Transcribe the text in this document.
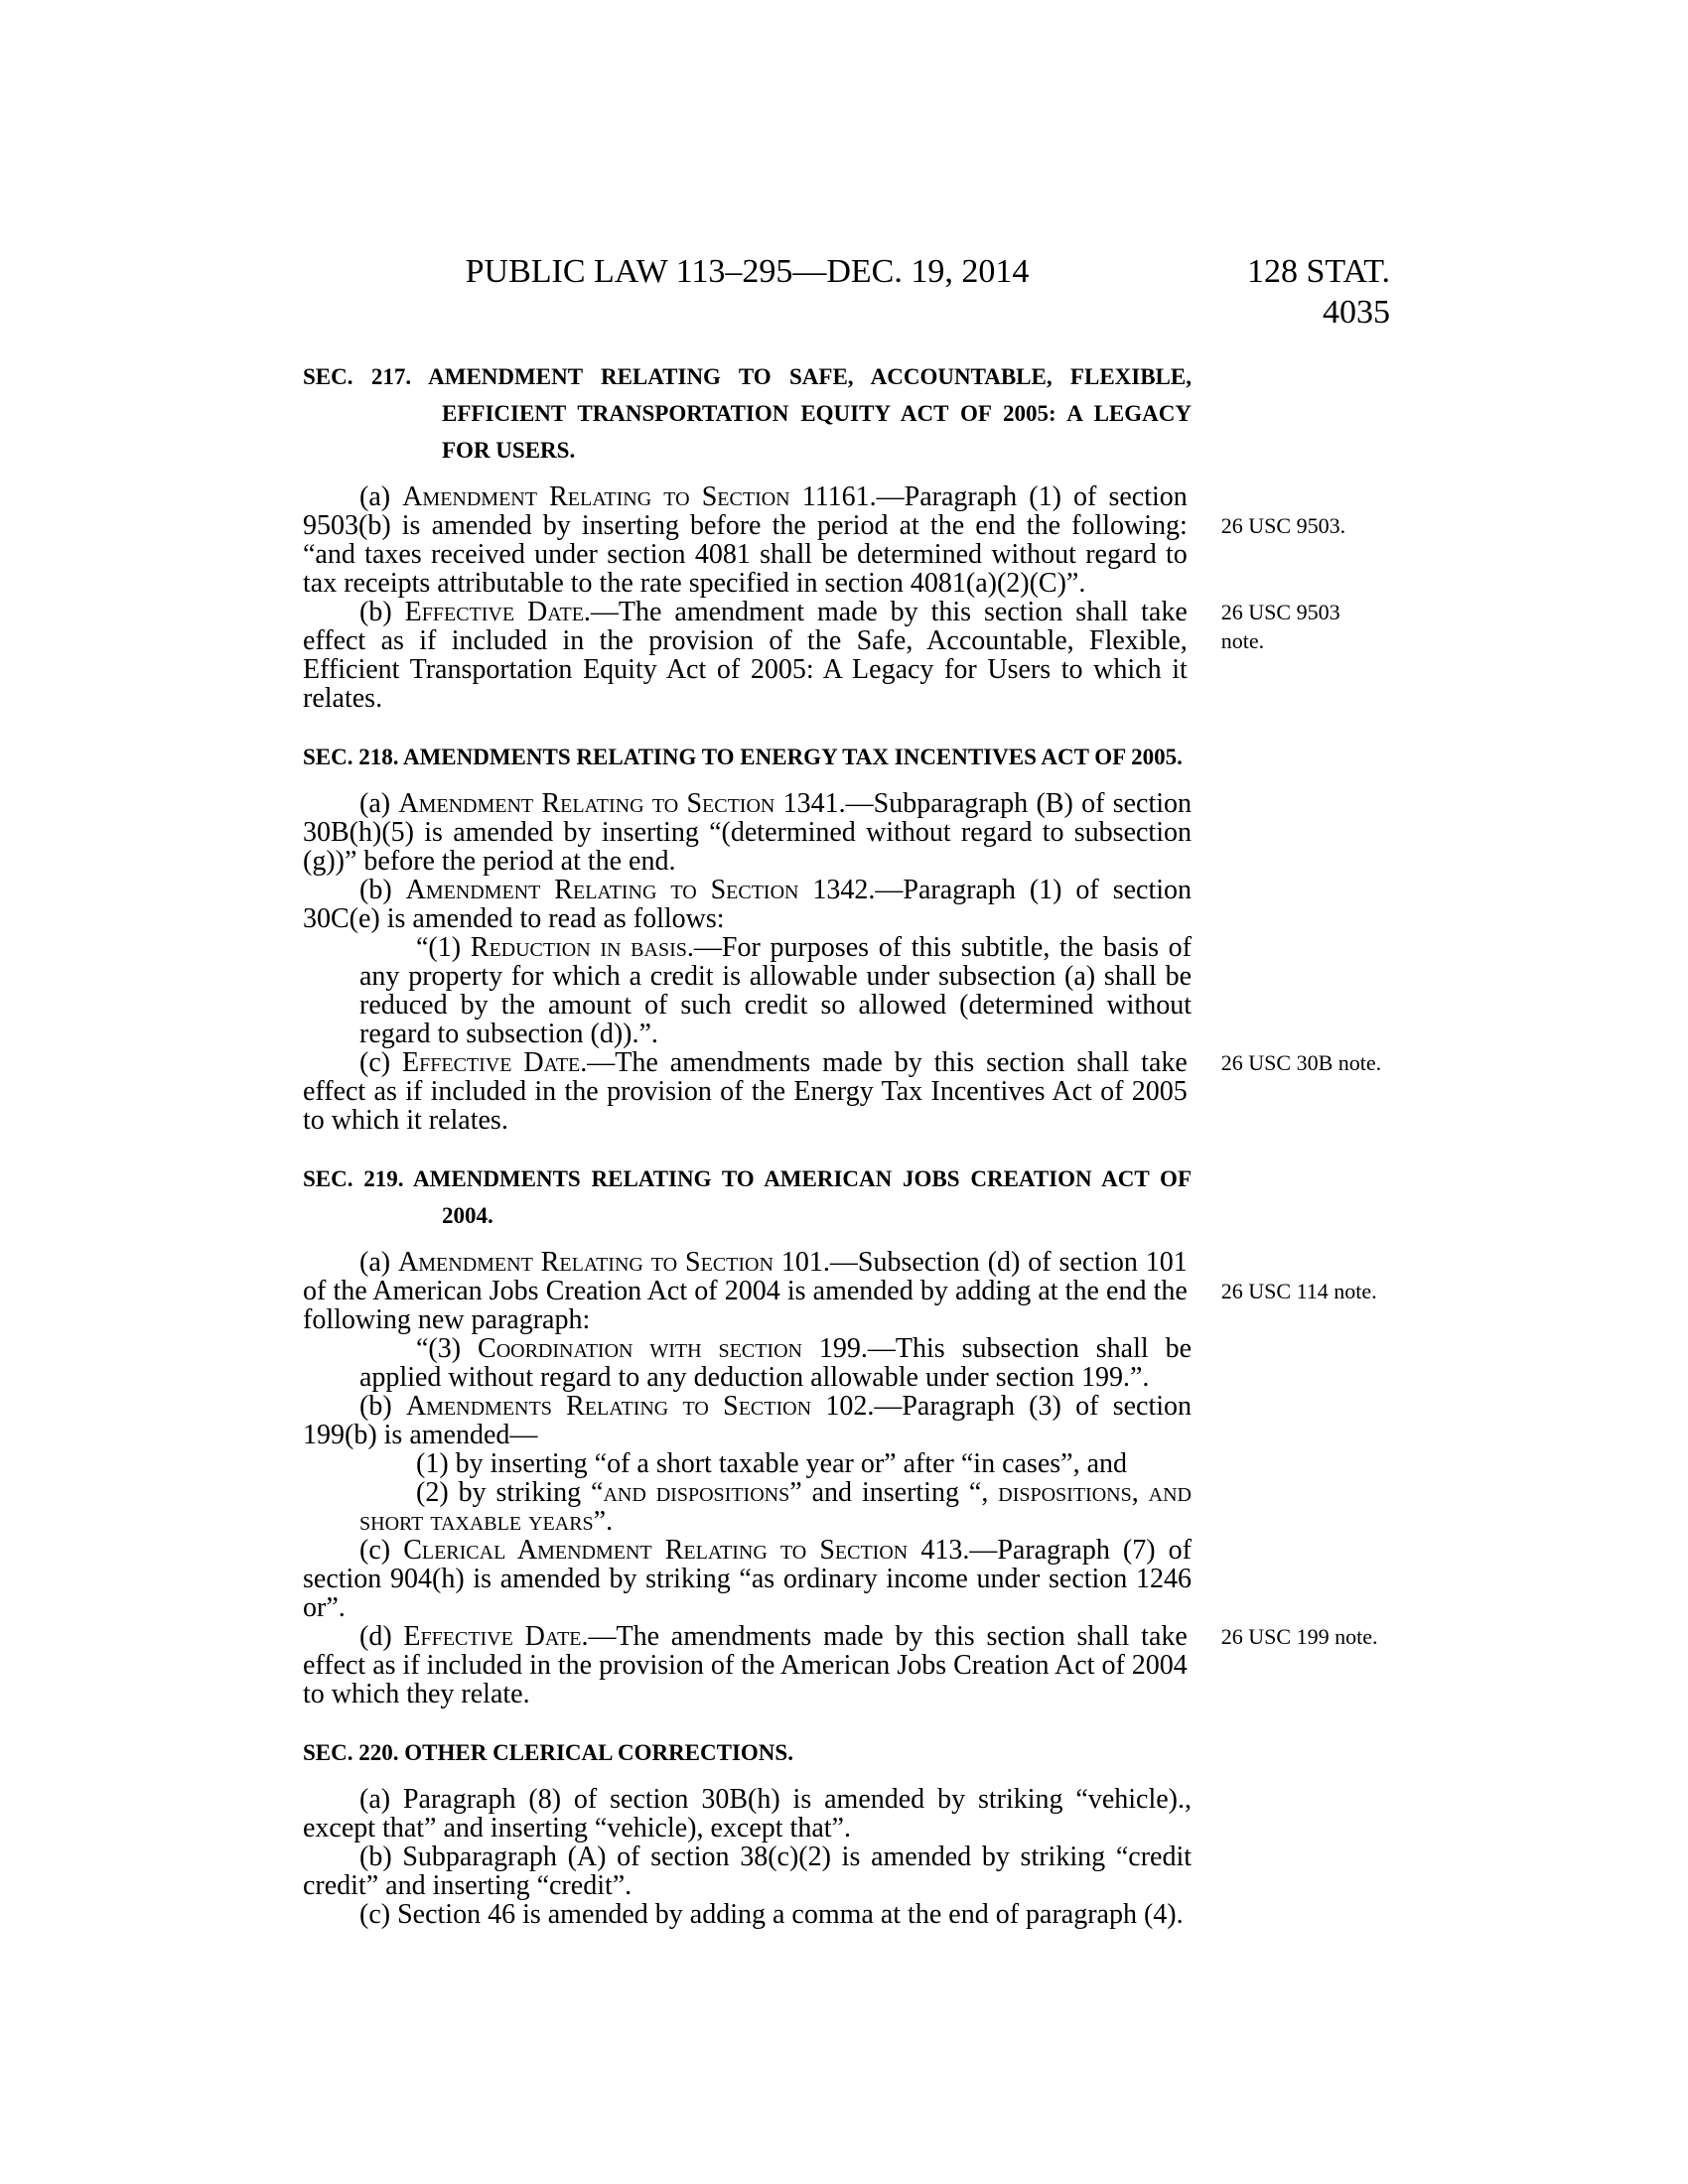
PUBLIC LAW 113–295—DEC. 19, 2014	128 STAT. 4035
SEC. 217. AMENDMENT RELATING TO SAFE, ACCOUNTABLE, FLEXIBLE, EFFICIENT TRANSPORTATION EQUITY ACT OF 2005: A LEGACY FOR USERS.
(a) Amendment Relating to Section 11161.—Paragraph (1) of section 9503(b) is amended by inserting before the period at the end the following: “and taxes received under section 4081 shall be determined without regard to tax receipts attributable to the rate specified in section 4081(a)(2)(C)”.
26 USC 9503.
(b) Effective Date.—The amendment made by this section shall take effect as if included in the provision of the Safe, Accountable, Flexible, Efficient Transportation Equity Act of 2005: A Legacy for Users to which it relates.
26 USC 9503
note.
SEC. 218. AMENDMENTS RELATING TO ENERGY TAX INCENTIVES ACT OF 2005.
(a) Amendment Relating to Section 1341.—Subparagraph (B) of section 30B(h)(5) is amended by inserting “(determined without regard to subsection (g))” before the period at the end.
(b) Amendment Relating to Section 1342.—Paragraph (1) of section 30C(e) is amended to read as follows:
“(1) Reduction in basis.—For purposes of this subtitle, the basis of any property for which a credit is allowable under subsection (a) shall be reduced by the amount of such credit so allowed (determined without regard to subsection (d)).”.
(c) Effective Date.—The amendments made by this section shall take effect as if included in the provision of the Energy Tax Incentives Act of 2005 to which it relates.
26 USC 30B note.
SEC. 219. AMENDMENTS RELATING TO AMERICAN JOBS CREATION ACT OF 2004.
(a) Amendment Relating to Section 101.—Subsection (d) of section 101 of the American Jobs Creation Act of 2004 is amended by adding at the end the following new paragraph:
26 USC 114 note.
“(3) Coordination with section 199.—This subsection shall be applied without regard to any deduction allowable under section 199.”.
(b) Amendments Relating to Section 102.—Paragraph (3) of section 199(b) is amended—
(1) by inserting “of a short taxable year or” after “in cases”, and
(2) by striking “and dispositions” and inserting “, dispositions, and short taxable years”.
(c) Clerical Amendment Relating to Section 413.—Paragraph (7) of section 904(h) is amended by striking “as ordinary income under section 1246 or”.
(d) Effective Date.—The amendments made by this section shall take effect as if included in the provision of the American Jobs Creation Act of 2004 to which they relate.
26 USC 199 note.
SEC. 220. OTHER CLERICAL CORRECTIONS.
(a) Paragraph (8) of section 30B(h) is amended by striking “vehicle)., except that” and inserting “vehicle), except that”.
(b) Subparagraph (A) of section 38(c)(2) is amended by striking “credit credit” and inserting “credit”.
(c) Section 46 is amended by adding a comma at the end of paragraph (4).
